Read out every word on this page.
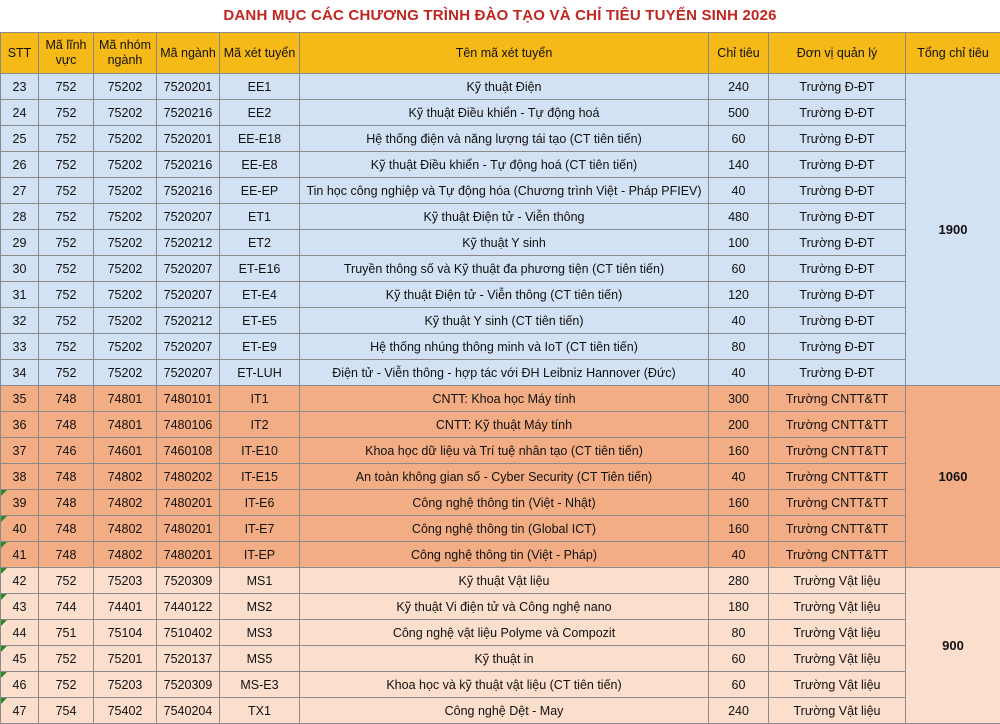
DANH MỤC CÁC CHƯƠNG TRÌNH ĐÀO TẠO VÀ CHỈ TIÊU TUYỂN SINH 2026
STT	Mã lĩnh vực	Mã nhóm ngành	Mã ngành	Mã xét tuyển	Tên mã xét tuyển	Chỉ tiêu	Đơn vị quản lý	Tổng chỉ tiêu
23	752	75202	7520201	EE1	Kỹ thuật Điện	240	Trường Đ-ĐT	1900
24	752	75202	7520216	EE2	Kỹ thuật Điều khiển - Tự động hoá	500	Trường Đ-ĐT	
25	752	75202	7520201	EE-E18	Hệ thống điện và năng lượng tái tạo (CT tiên tiến)	60	Trường Đ-ĐT	
26	752	75202	7520216	EE-E8	Kỹ thuật Điều khiển - Tự động hoá (CT tiên tiến)	140	Trường Đ-ĐT	
27	752	75202	7520216	EE-EP	Tin học công nghiệp và Tự động hóa (Chương trình Việt - Pháp PFIEV)	40	Trường Đ-ĐT	
28	752	75202	7520207	ET1	Kỹ thuật Điện tử - Viễn thông	480	Trường Đ-ĐT	
29	752	75202	7520212	ET2	Kỹ thuật Y sinh	100	Trường Đ-ĐT	
30	752	75202	7520207	ET-E16	Truyền thông số và Kỹ thuật đa phương tiện (CT tiên tiến)	60	Trường Đ-ĐT	
31	752	75202	7520207	ET-E4	Kỹ thuật Điện tử - Viễn thông (CT tiên tiến)	120	Trường Đ-ĐT	
32	752	75202	7520212	ET-E5	Kỹ thuật Y sinh (CT tiên tiến)	40	Trường Đ-ĐT	
33	752	75202	7520207	ET-E9	Hệ thống nhúng thông minh và IoT (CT tiên tiến)	80	Trường Đ-ĐT	
34	752	75202	7520207	ET-LUH	Điện tử - Viễn thông - hợp tác với ĐH Leibniz Hannover (Đức)	40	Trường Đ-ĐT	
35	748	74801	7480101	IT1	CNTT: Khoa học Máy tính	300	Trường CNTT&TT	1060
36	748	74801	7480106	IT2	CNTT: Kỹ thuật Máy tính	200	Trường CNTT&TT	
37	746	74601	7460108	IT-E10	Khoa học dữ liệu và Trí tuệ nhân tạo (CT tiên tiến)	160	Trường CNTT&TT	
38	748	74802	7480202	IT-E15	An toàn không gian số - Cyber Security (CT Tiên tiến)	40	Trường CNTT&TT	
39	748	74802	7480201	IT-E6	Công nghệ thông tin (Việt - Nhật)	160	Trường CNTT&TT	
40	748	74802	7480201	IT-E7	Công nghệ thông tin (Global ICT)	160	Trường CNTT&TT	
41	748	74802	7480201	IT-EP	Công nghệ thông tin (Việt - Pháp)	40	Trường CNTT&TT	
42	752	75203	7520309	MS1	Kỹ thuật Vật liệu	280	Trường Vật liệu	900
43	744	74401	7440122	MS2	Kỹ thuật Vi điện tử và Công nghệ nano	180	Trường Vật liệu	
44	751	75104	7510402	MS3	Công nghệ vật liệu Polyme và Compozit	80	Trường Vật liệu	
45	752	75201	7520137	MS5	Kỹ thuật in	60	Trường Vật liệu	
46	752	75203	7520309	MS-E3	Khoa học và kỹ thuật vật liệu (CT tiên tiến)	60	Trường Vật liệu	
47	754	75402	7540204	TX1	Công nghệ Dệt - May	240	Trường Vật liệu	
